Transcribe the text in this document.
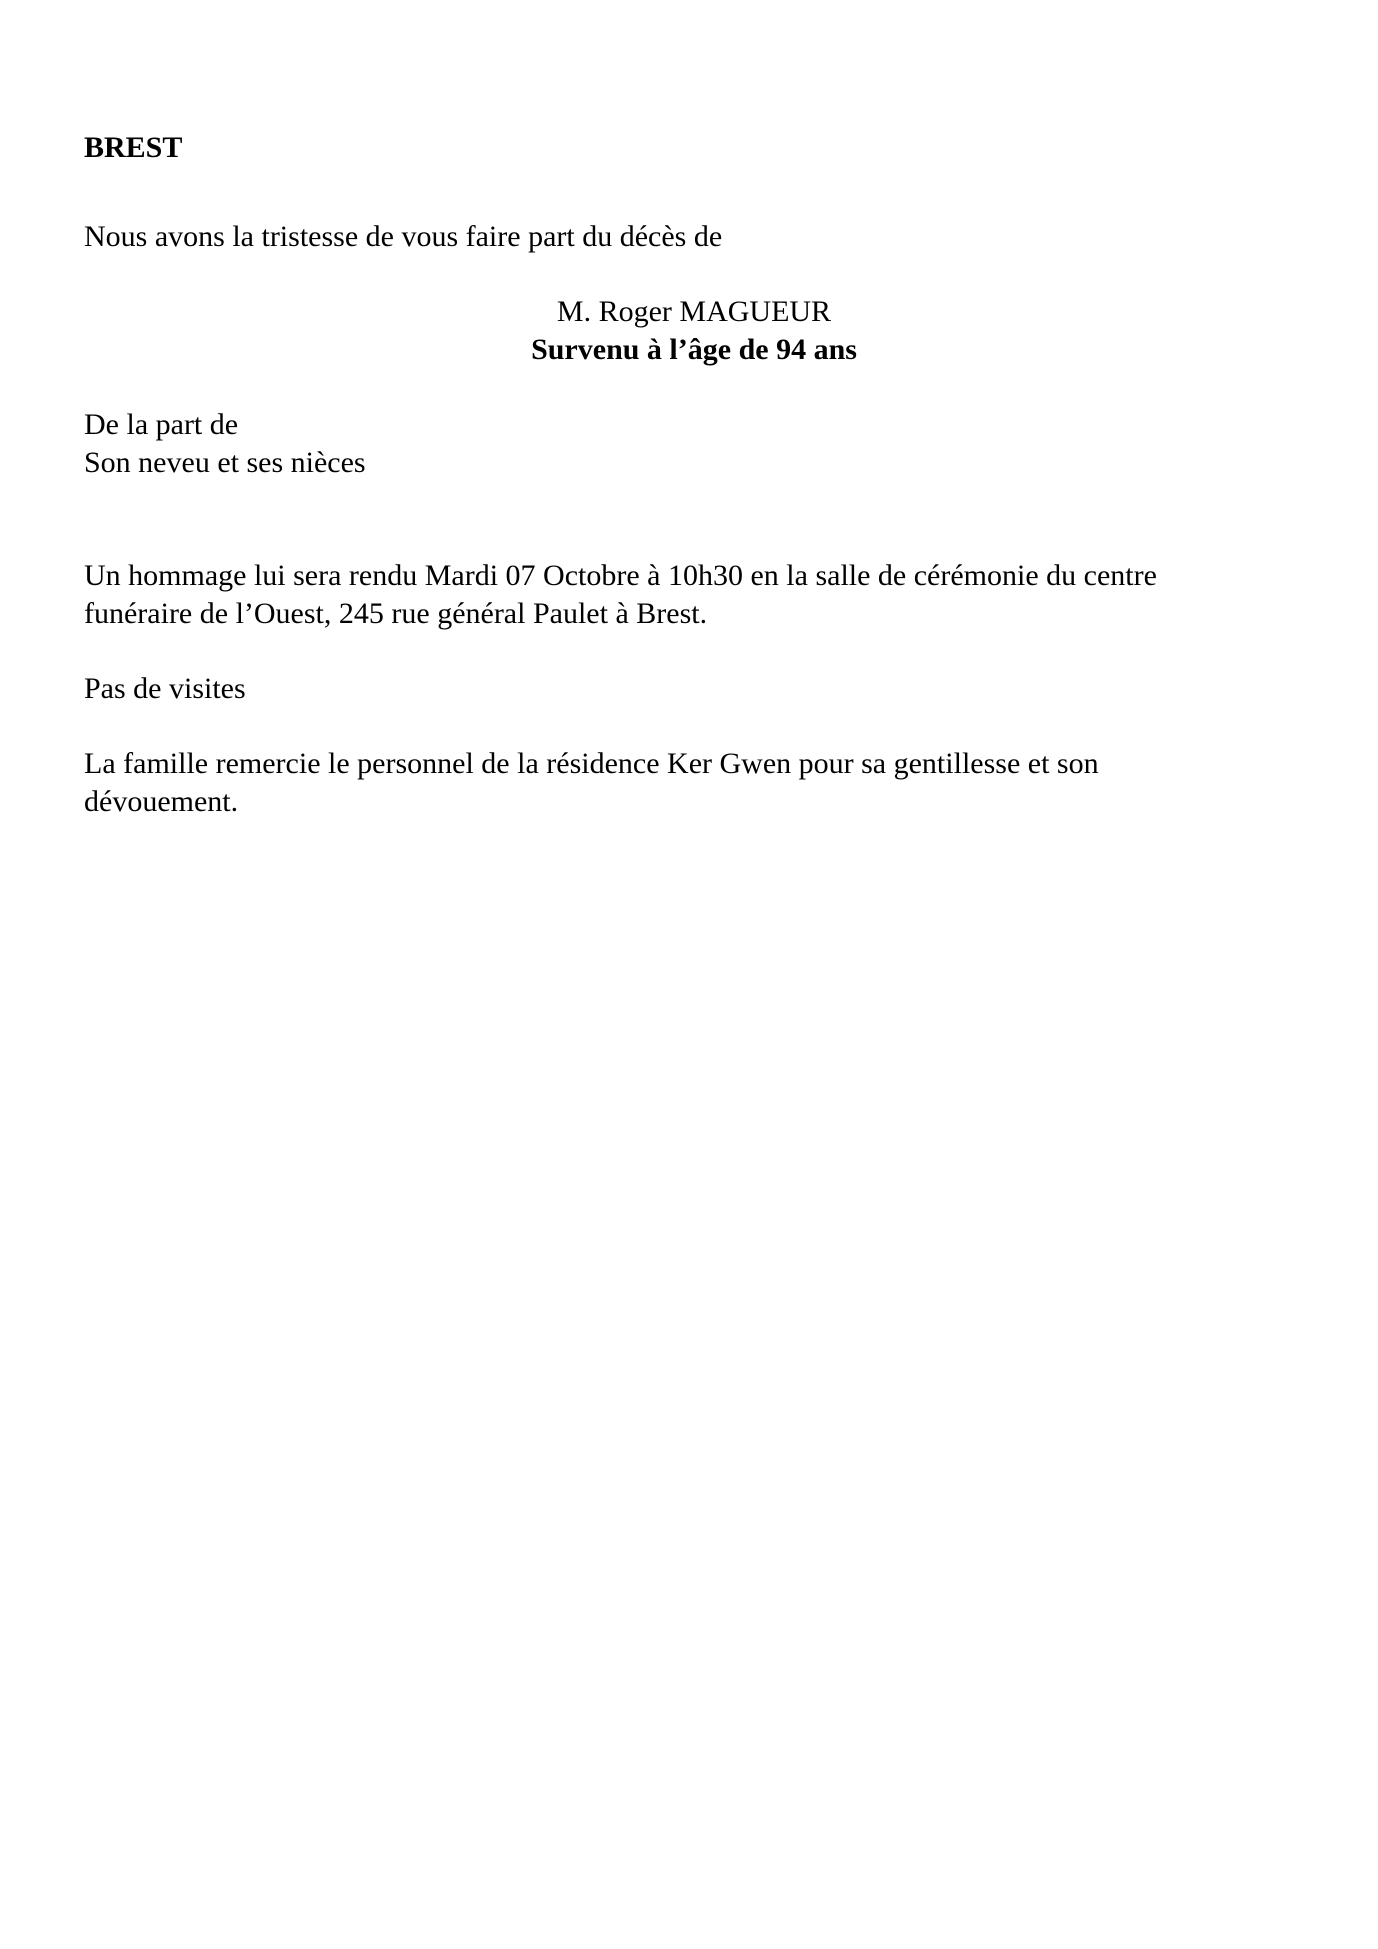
BREST
Nous avons la tristesse de vous faire part du décès de
M. Roger MAGUEUR
Survenu à l’âge de 94 ans
De la part de
Son neveu et ses nièces
Un hommage lui sera rendu Mardi 07 Octobre à 10h30 en la salle de cérémonie du centre
funéraire de l’Ouest, 245 rue général Paulet à Brest.
Pas de visites
La famille remercie le personnel de la résidence Ker Gwen pour sa gentillesse et son
dévouement.
